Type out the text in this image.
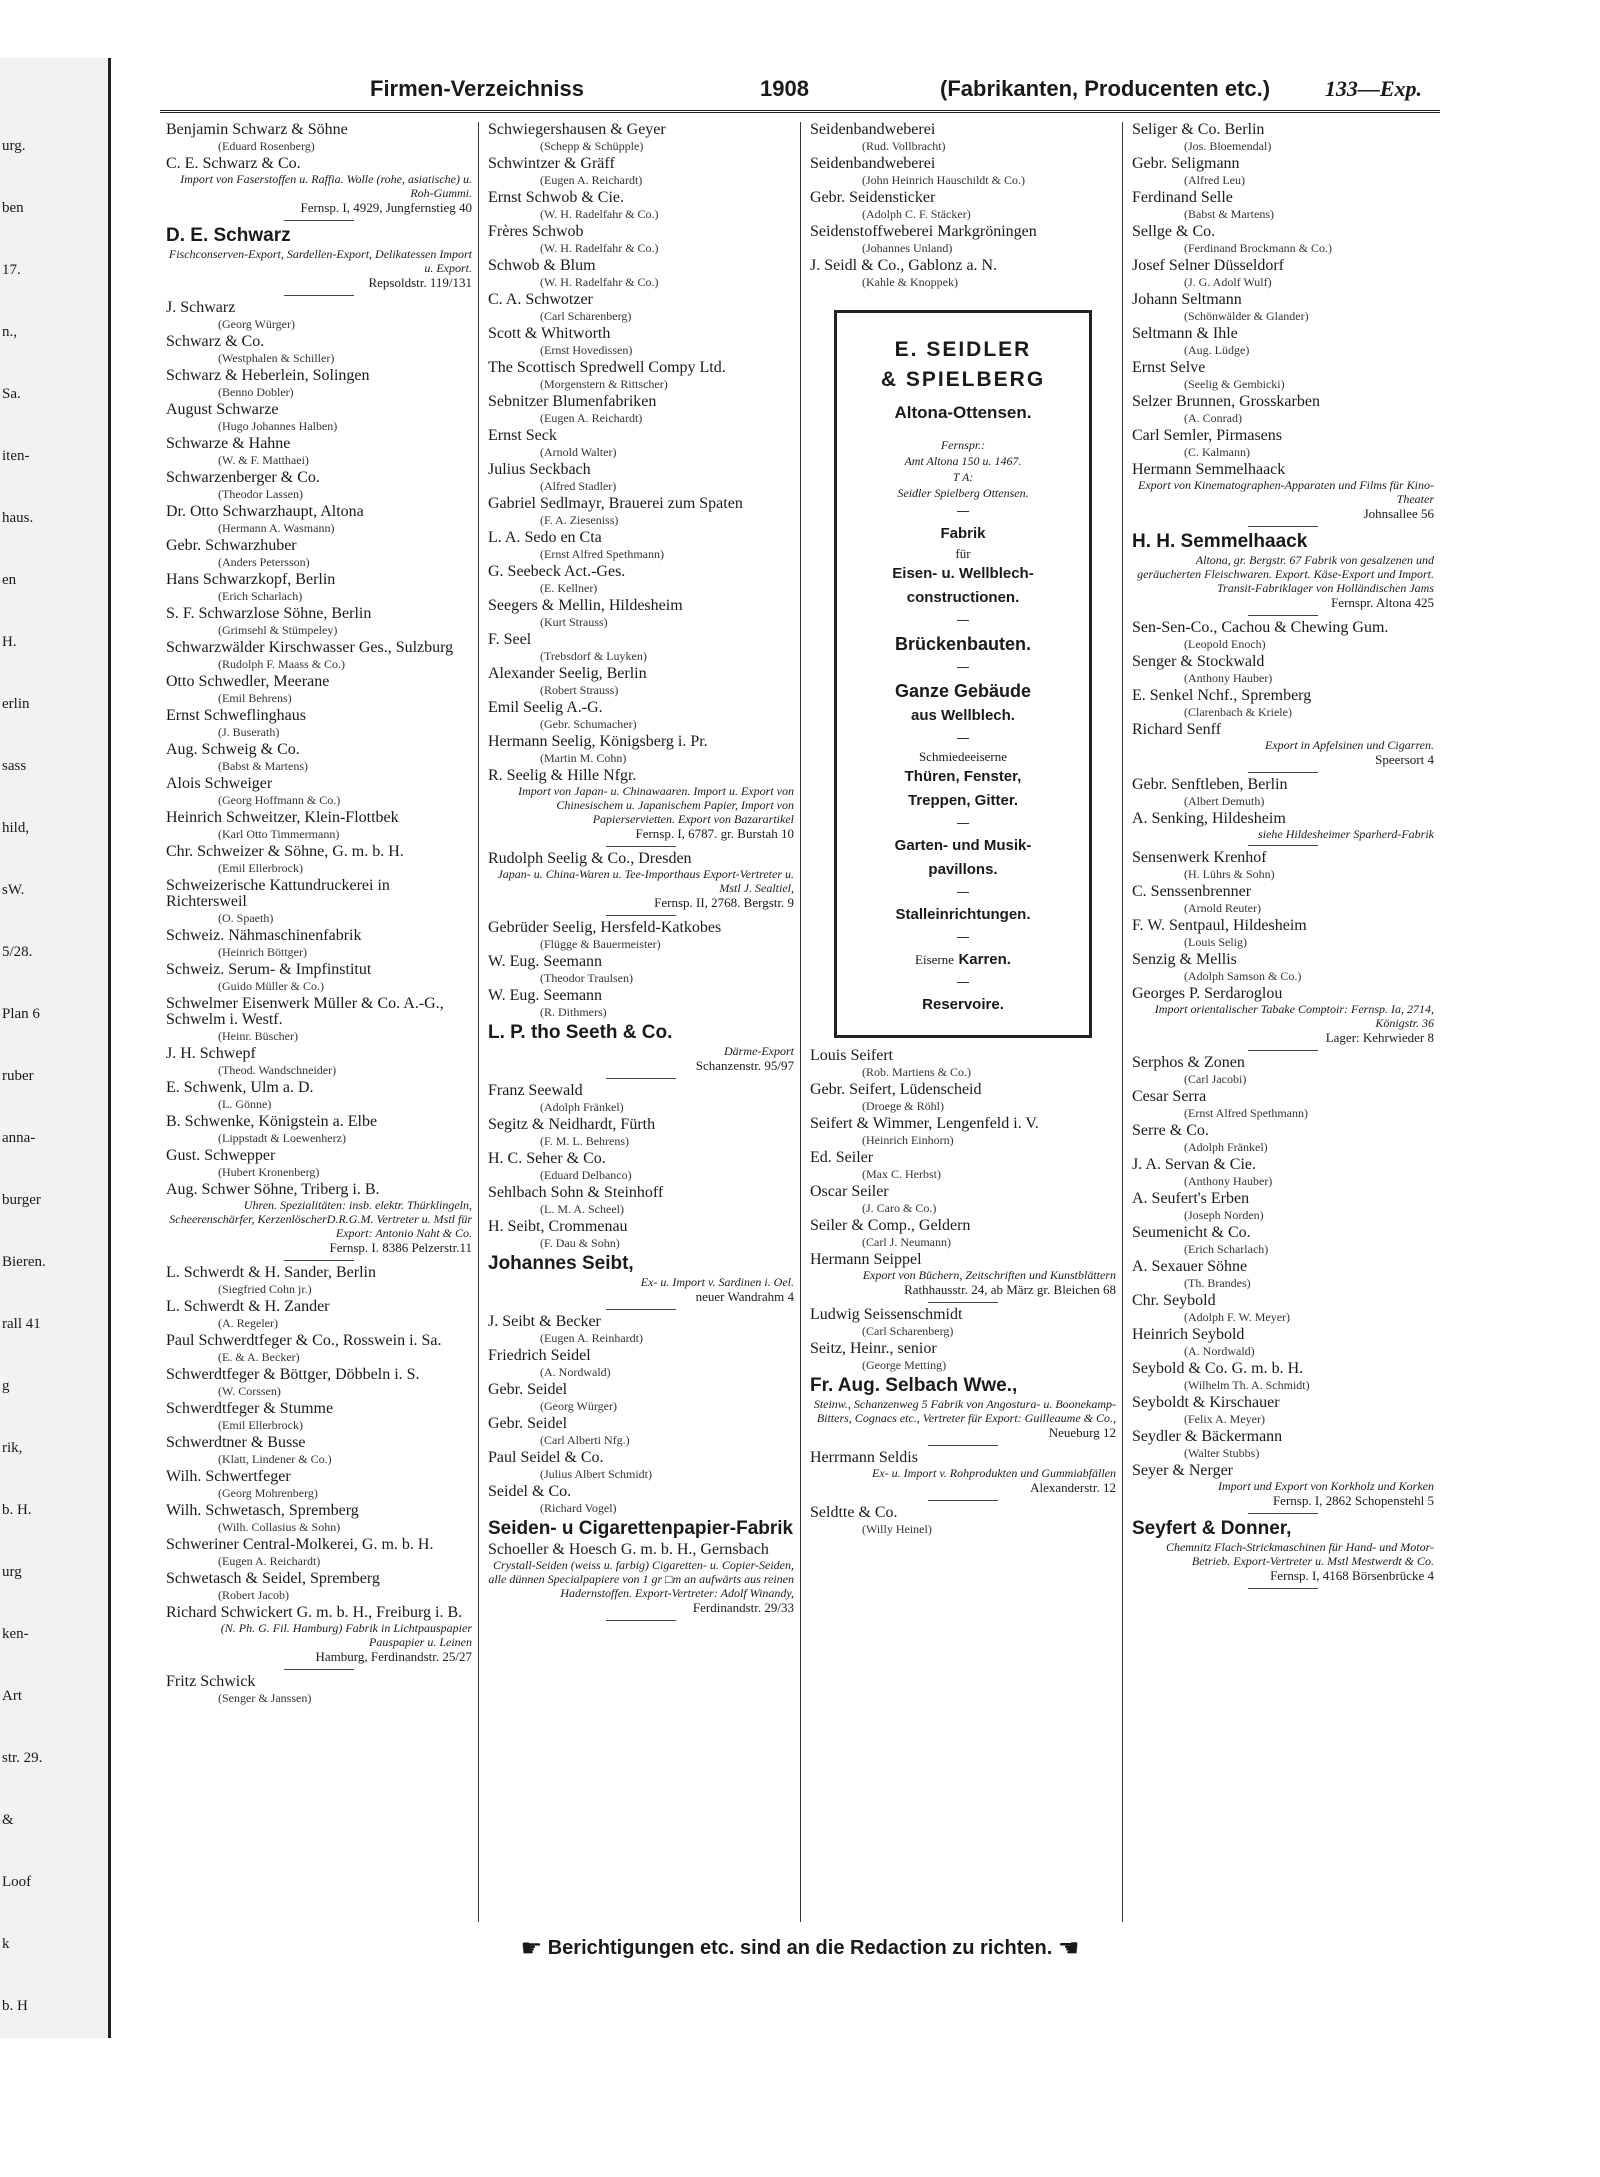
urg.
ben
17.
n.,
Sa.
iten-
haus.
en
H.
erlin
sass
hild,
sW.
5/28.
Plan 6
ruber
anna-
burger
Bieren.
rall 41
g
rik,
b. H.
urg
ken-
Art
str. 29.
&
Loof
k
b. H
Firmen-Verzeichniss	1908	(Fabrikanten, Producenten etc.) 133—Exp.
Benjamin Schwarz & Söhne
(Eduard Rosenberg)
C. E. Schwarz & Co.
Import von Faserstoffen u. Raffia. Wolle (rohe, asiatische) u. Roh-Gummi.
Fernsp. I, 4929, Jungfernstieg 40
D. E. Schwarz
Fischconserven-Export, Sardellen-Export, Delikatessen Import u. Export.
Repsoldstr. 119/131
J. Schwarz
(Georg Würger)
Schwarz & Co.
(Westphalen & Schiller)
Schwarz & Heberlein, Solingen
(Benno Dobler)
August Schwarze
(Hugo Johannes Halben)
Schwarze & Hahne
(W. & F. Matthaei)
Schwarzenberger & Co.
(Theodor Lassen)
Dr. Otto Schwarzhaupt, Altona
(Hermann A. Wasmann)
Gebr. Schwarzhuber
(Anders Petersson)
Hans Schwarzkopf, Berlin
(Erich Scharlach)
S. F. Schwarzlose Söhne, Berlin
(Grimsehl & Stümpeley)
Schwarzwälder Kirschwasser Ges., Sulzburg
(Rudolph F. Maass & Co.)
Otto Schwedler, Meerane
(Emil Behrens)
Ernst Schweflinghaus
(J. Buserath)
Aug. Schweig & Co.
(Babst & Martens)
Alois Schweiger
(Georg Hoffmann & Co.)
Heinrich Schweitzer, Klein-Flottbek
(Karl Otto Timmermann)
Chr. Schweizer & Söhne, G. m. b. H.
(Emil Ellerbrock)
Schweizerische Kattundruckerei in Richtersweil
(O. Spaeth)
Schweiz. Nähmaschinenfabrik
(Heinrich Böttger)
Schweiz. Serum- & Impfinstitut
(Guido Müller & Co.)
Schwelmer Eisenwerk Müller & Co. A.-G., Schwelm i. Westf.
(Heinr. Büscher)
J. H. Schwepf
(Theod. Wandschneider)
E. Schwenk, Ulm a. D.
(L. Gönne)
B. Schwenke, Königstein a. Elbe
(Lippstadt & Loewenherz)
Gust. Schwepper
(Hubert Kronenberg)
Aug. Schwer Söhne, Triberg i. B.
Uhren. Spezialitäten: insb. elektr. Thürklingeln, Scheerenschärfer, KerzenlöscherD.R.G.M. Vertreter u. Mstl für Export: Antonio Naht & Co.
Fernsp. I. 8386 Pelzerstr.11
L. Schwerdt & H. Sander, Berlin
(Siegfried Cohn jr.)
L. Schwerdt & H. Zander
(A. Regeler)
Paul Schwerdtfeger & Co., Rosswein i. Sa.
(E. & A. Becker)
Schwerdtfeger & Böttger, Döbbeln i. S.
(W. Corssen)
Schwerdtfeger & Stumme
(Emil Ellerbrock)
Schwerdtner & Busse
(Klatt, Lindener & Co.)
Wilh. Schwertfeger
(Georg Mohrenberg)
Wilh. Schwetasch, Spremberg
(Wilh. Collasius & Sohn)
Schweriner Central-Molkerei, G. m. b. H.
(Eugen A. Reichardt)
Schwetasch & Seidel, Spremberg
(Robert Jacob)
Richard Schwickert G. m. b. H., Freiburg i. B.
(N. Ph. G. Fil. Hamburg) Fabrik in Lichtpauspapier Pauspapier u. Leinen
Hamburg, Ferdinandstr. 25/27
Fritz Schwick
(Senger & Janssen)
Schwiegershausen & Geyer
(Schepp & Schüpple)
Schwintzer & Gräff
(Eugen A. Reichardt)
Ernst Schwob & Cie.
(W. H. Radelfahr & Co.)
Frères Schwob
(W. H. Radelfahr & Co.)
Schwob & Blum
(W. H. Radelfahr & Co.)
C. A. Schwotzer
(Carl Scharenberg)
Scott & Whitworth
(Ernst Hovedissen)
The Scottisch Spredwell Compy Ltd.
(Morgenstern & Rittscher)
Sebnitzer Blumenfabriken
(Eugen A. Reichardt)
Ernst Seck
(Arnold Walter)
Julius Seckbach
(Alfred Stadler)
Gabriel Sedlmayr, Brauerei zum Spaten
(F. A. Zieseniss)
L. A. Sedo en Cta
(Ernst Alfred Spethmann)
G. Seebeck Act.-Ges.
(E. Kellner)
Seegers & Mellin, Hildesheim
(Kurt Strauss)
F. Seel
(Trebsdorf & Luyken)
Alexander Seelig, Berlin
(Robert Strauss)
Emil Seelig A.-G.
(Gebr. Schumacher)
Hermann Seelig, Königsberg i. Pr.
(Martin M. Cohn)
R. Seelig & Hille Nfgr.
Import von Japan- u. Chinawaaren. Import u. Export von Chinesischem u. Japanischem Papier, Import von Papierservietten. Export von Bazarartikel
Fernsp. I, 6787. gr. Burstah 10
Rudolph Seelig & Co., Dresden
Japan- u. China-Waren u. Tee-Importhaus Export-Vertreter u. Mstl J. Sealtiel,
Fernsp. II, 2768. Bergstr. 9
Gebrüder Seelig, Hersfeld-Katkobes
(Flügge & Bauermeister)
W. Eug. Seemann
(Theodor Traulsen)
W. Eug. Seemann
(R. Dithmers)
L. P. tho Seeth & Co.
Därme-Export
Schanzenstr. 95/97
Franz Seewald
(Adolph Fränkel)
Segitz & Neidhardt, Fürth
(F. M. L. Behrens)
H. C. Seher & Co.
(Eduard Delbanco)
Sehlbach Sohn & Steinhoff
(L. M. A. Scheel)
H. Seibt, Crommenau
(F. Dau & Sohn)
Johannes Seibt,
Ex- u. Import v. Sardinen i. Oel.
neuer Wandrahm 4
J. Seibt & Becker
(Eugen A. Reinhardt)
Friedrich Seidel
(A. Nordwald)
Gebr. Seidel
(Georg Würger)
Gebr. Seidel
(Carl Alberti Nfg.)
Paul Seidel & Co.
(Julius Albert Schmidt)
Seidel & Co.
(Richard Vogel)
Seiden- u Cigarettenpapier-Fabrik
Schoeller & Hoesch G. m. b. H., Gernsbach
Crystall-Seiden (weiss u. farbig) Cigaretten- u. Copier-Seiden, alle dünnen Specialpapiere von 1 gr □m an aufwärts aus reinen Hadernstoffen. Export-Vertreter: Adolf Winandy,
Ferdinandstr. 29/33
Seidenbandweberei
(Rud. Vollbracht)
Seidenbandweberei
(John Heinrich Hauschildt & Co.)
Gebr. Seidensticker
(Adolph C. F. Stäcker)
Seidenstoffweberei Markgröningen
(Johannes Unland)
J. Seidl & Co., Gablonz a. N.
(Kahle & Knoppek)
E. SEIDLER
& SPIELBERG
Altona-Ottensen.
Fernspr.:
Amt Altona 150 u. 1467.
T A:
Seidler Spielberg Ottensen.
Fabrik
für
Eisen- u. Wellblech-
constructionen.
Brückenbauten.
Ganze Gebäude
aus Wellblech.
Schmiedeeiserne
Thüren, Fenster,
Treppen, Gitter.
Garten- und Musik-
pavillons.
Stalleinrichtungen.
Eiserne Karren.
Reservoire.
Louis Seifert
(Rob. Martiens & Co.)
Gebr. Seifert, Lüdenscheid
(Droege & Röhl)
Seifert & Wimmer, Lengenfeld i. V.
(Heinrich Einhorn)
Ed. Seiler
(Max C. Herbst)
Oscar Seiler
(J. Caro & Co.)
Seiler & Comp., Geldern
(Carl J. Neumann)
Hermann Seippel
Export von Büchern, Zeitschriften und Kunstblättern
Rathhausstr. 24, ab März gr. Bleichen 68
Ludwig Seissenschmidt
(Carl Scharenberg)
Seitz, Heinr., senior
(George Metting)
Fr. Aug. Selbach Wwe.,
Steinw., Schanzenweg 5 Fabrik von Angostura- u. Boonekamp-Bitters, Cognacs etc., Vertreter für Export: Guilleaume & Co.,
Neueburg 12
Herrmann Seldis
Ex- u. Import v. Rohprodukten und Gummiabfällen
Alexanderstr. 12
Seldtte & Co.
(Willy Heinel)
Seliger & Co. Berlin
(Jos. Bloemendal)
Gebr. Seligmann
(Alfred Leu)
Ferdinand Selle
(Babst & Martens)
Sellge & Co.
(Ferdinand Brockmann & Co.)
Josef Selner Düsseldorf
(J. G. Adolf Wulf)
Johann Seltmann
(Schönwälder & Glander)
Seltmann & Ihle
(Aug. Lüdge)
Ernst Selve
(Seelig & Gembicki)
Selzer Brunnen, Grosskarben
(A. Conrad)
Carl Semler, Pirmasens
(C. Kalmann)
Hermann Semmelhaack
Export von Kinematographen-Apparaten und Films für Kino-Theater
Johnsallee 56
H. H. Semmelhaack
Altona, gr. Bergstr. 67 Fabrik von gesalzenen und geräucherten Fleischwaren. Export. Käse-Export und Import. Transit-Fabriklager von Holländischen Jams
Fernspr. Altona 425
Sen-Sen-Co., Cachou & Chewing Gum.
(Leopold Enoch)
Senger & Stockwald
(Anthony Hauber)
E. Senkel Nchf., Spremberg
(Clarenbach & Kriele)
Richard Senff
Export in Apfelsinen und Cigarren.
Speersort 4
Gebr. Senftleben, Berlin
(Albert Demuth)
A. Senking, Hildesheim
siehe Hildesheimer Sparherd-Fabrik
Sensenwerk Krenhof
(H. Lührs & Sohn)
C. Senssenbrenner
(Arnold Reuter)
F. W. Sentpaul, Hildesheim
(Louis Selig)
Senzig & Mellis
(Adolph Samson & Co.)
Georges P. Serdaroglou
Import orientalischer Tabake Comptoir: Fernsp. Ia, 2714, Königstr. 36
Lager: Kehrwieder 8
Serphos & Zonen
(Carl Jacobi)
Cesar Serra
(Ernst Alfred Spethmann)
Serre & Co.
(Adolph Fränkel)
J. A. Servan & Cie.
(Anthony Hauber)
A. Seufert's Erben
(Joseph Norden)
Seumenicht & Co.
(Erich Scharlach)
A. Sexauer Söhne
(Th. Brandes)
Chr. Seybold
(Adolph F. W. Meyer)
Heinrich Seybold
(A. Nordwald)
Seybold & Co. G. m. b. H.
(Wilhelm Th. A. Schmidt)
Seyboldt & Kirschauer
(Felix A. Meyer)
Seydler & Bäckermann
(Walter Stubbs)
Seyer & Nerger
Import und Export von Korkholz und Korken
Fernsp. I, 2862 Schopenstehl 5
Seyfert & Donner,
Chemnitz Flach-Strickmaschinen für Hand- und Motor-Betrieb. Export-Vertreter u. Mstl Mestwerdt & Co.
Fernsp. I, 4168 Börsenbrücke 4
☛ Berichtigungen etc. sind an die Redaction zu richten. ☚
